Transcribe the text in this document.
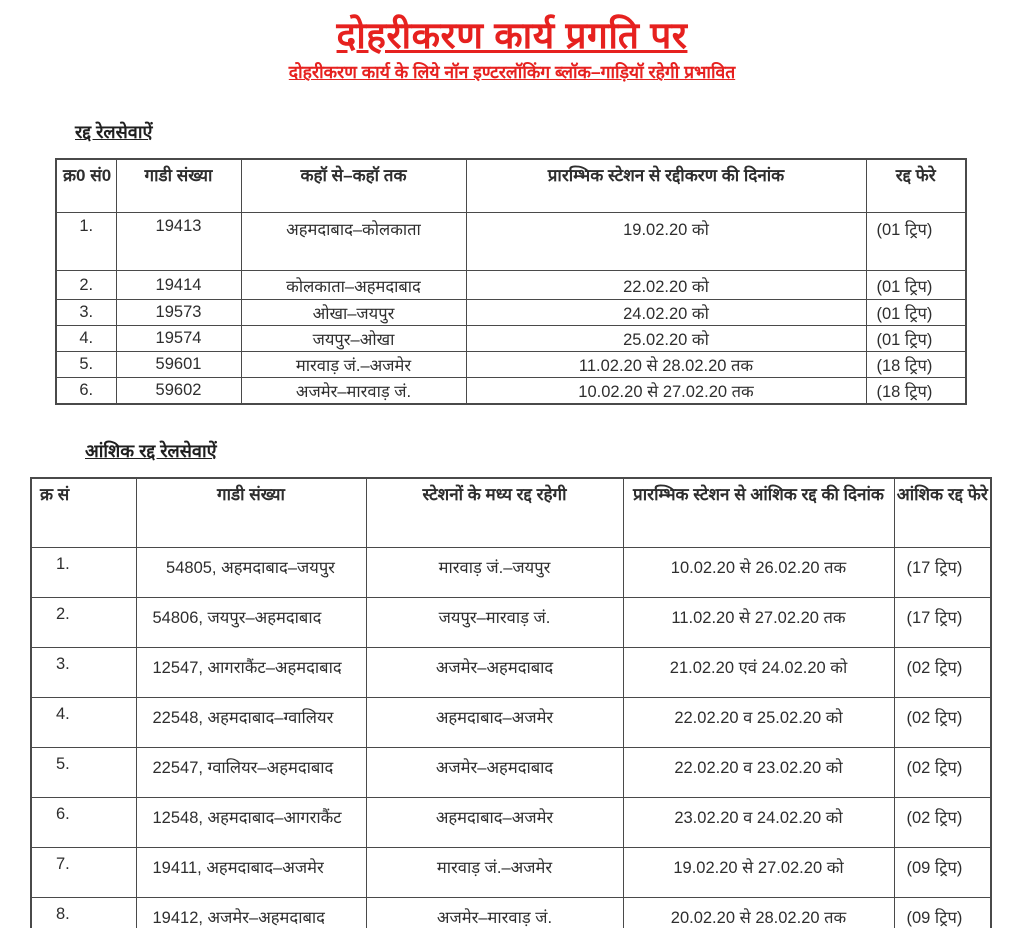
दोहरीकरण कार्य प्रगति पर
दोहरीकरण कार्य के लिये नॉन इण्टरलॉकिंग ब्लॉक–गाड़ियॉ रहेगी प्रभावित
रद्द रेलसेवाऐं
क्र0 सं0	गाडी संख्या	कहॉ से–कहॉ तक	प्रारम्भिक स्टेशन से रद्दीकरण की दिनांक	रद्द फेरे
1.	19413	अहमदाबाद–कोलकाता	19.02.20 को	(01 ट्रिप)
2.	19414	कोलकाता–अहमदाबाद	22.02.20 को	(01 ट्रिप)
3.	19573	ओखा–जयपुर	24.02.20 को	(01 ट्रिप)
4.	19574	जयपुर–ओखा	25.02.20 को	(01 ट्रिप)
5.	59601	मारवाड़ जं.–अजमेर	11.02.20 से 28.02.20 तक	(18 ट्रिप)
6.	59602	अजमेर–मारवाड़ जं.	10.02.20 से 27.02.20 तक	(18 ट्रिप)
आंशिक रद्द रेलसेवाऐं
क्र सं	गाडी संख्या	स्टेशनों के मध्य रद्द रहेगी	प्रारम्भिक स्टेशन से आंशिक रद्द की दिनांक	आंशिक रद्द फेरे
1.	54805, अहमदाबाद–जयपुर	मारवाड़ जं.–जयपुर	10.02.20 से 26.02.20 तक	(17 ट्रिप)
2.	54806, जयपुर–अहमदाबाद	जयपुर–मारवाड़ जं.	11.02.20 से 27.02.20 तक	(17 ट्रिप)
3.	12547, आगराकैंट–अहमदाबाद	अजमेर–अहमदाबाद	21.02.20 एवं 24.02.20 को	(02 ट्रिप)
4.	22548, अहमदाबाद–ग्वालियर	अहमदाबाद–अजमेर	22.02.20 व 25.02.20 को	(02 ट्रिप)
5.	22547, ग्वालियर–अहमदाबाद	अजमेर–अहमदाबाद	22.02.20 व 23.02.20 को	(02 ट्रिप)
6.	12548, अहमदाबाद–आगराकैंट	अहमदाबाद–अजमेर	23.02.20 व 24.02.20 को	(02 ट्रिप)
7.	19411, अहमदाबाद–अजमेर	मारवाड़ जं.–अजमेर	19.02.20 से 27.02.20 को	(09 ट्रिप)
8.	19412, अजमेर–अहमदाबाद	अजमेर–मारवाड़ जं.	20.02.20 से 28.02.20 तक	(09 ट्रिप)
